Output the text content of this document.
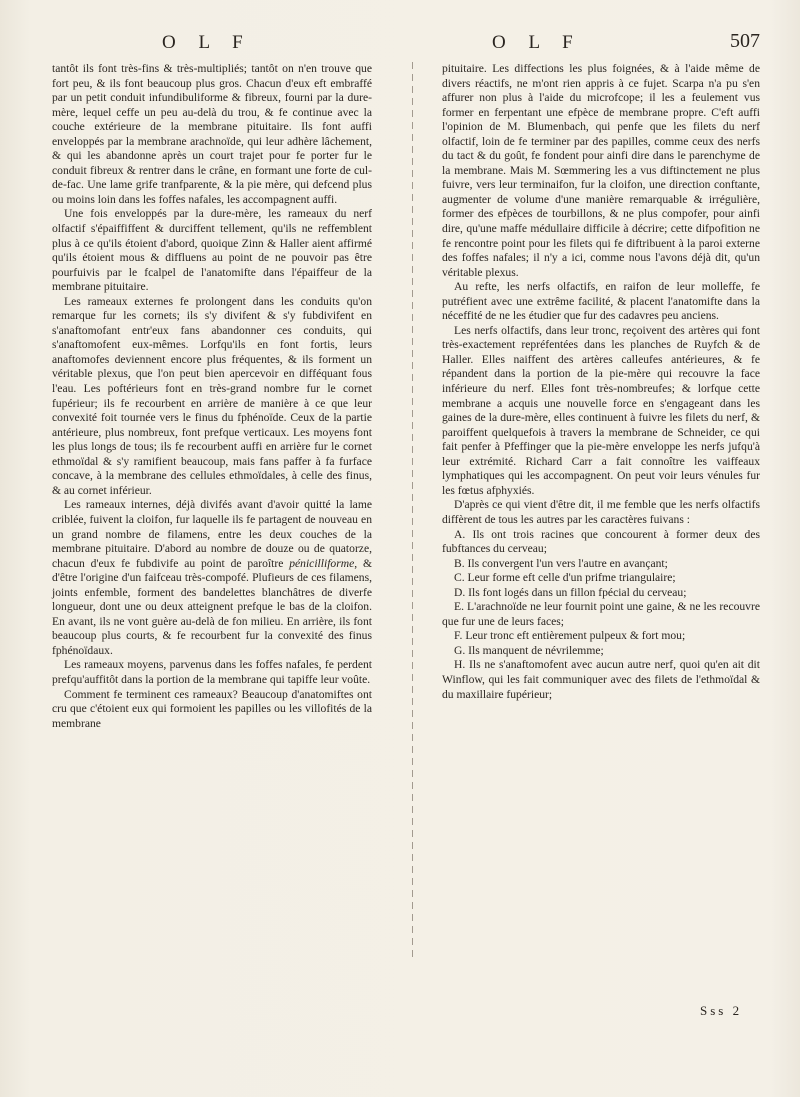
O L F	O L F	507

tantôt ils font très-fins & très-multipliés; tantôt on n'en trouve que fort peu, & ils font beaucoup plus gros. Chacun d'eux eft embraffé par un petit conduit infundibuliforme & fibreux, fourni par la dure-mère, lequel ceffe un peu au-delà du trou, & fe continue avec la couche extérieure de la membrane pituitaire. Ils font auffi enveloppés par la membrane arachnoïde, qui leur adhère lâchement, & qui les abandonne après un court trajet pour fe porter fur le conduit fibreux & rentrer dans le crâne, en formant une forte de cul-de-fac. Une lame grife tranfparente, & la pie mère, qui defcend plus ou moins loin dans les foffes nafales, les accompagnent auffi.

Une fois enveloppés par la dure-mère, les rameaux du nerf olfactif s'épaiffiffent & durciffent tellement, qu'ils ne reffemblent plus à ce qu'ils étoient d'abord, quoique Zinn & Haller aient affirmé qu'ils étoient mous & diffluens au point de ne pouvoir pas être pourfuivis par le fcalpel de l'anatomifte dans l'épaiffeur de la membrane pituitaire.

Les rameaux externes fe prolongent dans les conduits qu'on remarque fur les cornets; ils s'y divifent & s'y fubdivifent en s'anaftomofant entr'eux fans abandonner ces conduits, qui s'anaftomofent eux-mêmes. Lorfqu'ils en font fortis, leurs anaftomofes deviennent encore plus fréquentes, & ils forment un véritable plexus, que l'on peut bien apercevoir en difféquant fous l'eau. Les poftérieurs font en très-grand nombre fur le cornet fupérieur; ils fe recourbent en arrière de manière à ce que leur convexité foit tournée vers le finus du fphénoïde. Ceux de la partie antérieure, plus nombreux, font prefque verticaux. Les moyens font les plus longs de tous; ils fe recourbent auffi en arrière fur le cornet ethmoïdal & s'y ramifient beaucoup, mais fans paffer à fa furface concave, à la membrane des cellules ethmoïdales, à celle des finus, & au cornet inférieur.

Les rameaux internes, déjà divifés avant d'avoir quitté la lame criblée, fuivent la cloifon, fur laquelle ils fe partagent de nouveau en un grand nombre de filamens, entre les deux couches de la membrane pituitaire. D'abord au nombre de douze ou de quatorze, chacun d'eux fe fubdivife au point de paroître pénicilliforme, & d'être l'origine d'un faifceau très-compofé. Plufieurs de ces filamens, joints enfemble, forment des bandelettes blanchâtres de diverfe longueur, dont une ou deux atteignent prefque le bas de la cloifon. En avant, ils ne vont guère au-delà de fon milieu. En arrière, ils font beaucoup plus courts, & fe recourbent fur la convexité des finus fphénoïdaux.

Les rameaux moyens, parvenus dans les foffes nafales, fe perdent prefqu'auffitôt dans la portion de la membrane qui tapiffe leur voûte.

Comment fe terminent ces rameaux? Beaucoup d'anatomiftes ont cru que c'étoient eux qui formoient les papilles ou les villofités de la membrane

pituitaire. Les diffections les plus foignées, & à l'aide même de divers réactifs, ne m'ont rien appris à ce fujet. Scarpa n'a pu s'en affurer non plus à l'aide du microfcope; il les a feulement vus former en ferpentant une efpèce de membrane propre. C'eft auffi l'opinion de M. Blumenbach, qui penfe que les filets du nerf olfactif, loin de fe terminer par des papilles, comme ceux des nerfs du tact & du goût, fe fondent pour ainfi dire dans le parenchyme de la membrane. Mais M. Sœmmering les a vus diftinctement ne plus fuivre, vers leur terminaifon, fur la cloifon, une direction conftante, augmenter de volume d'une manière remarquable & irrégulière, former des efpèces de tourbillons, & ne plus compofer, pour ainfi dire, qu'une maffe médullaire difficile à décrire; cette difpofition ne fe rencontre point pour les filets qui fe diftribuent à la paroi externe des foffes nafales; il n'y a ici, comme nous l'avons déjà dit, qu'un véritable plexus.

Au refte, les nerfs olfactifs, en raifon de leur molleffe, fe putréfient avec une extrême facilité, & placent l'anatomifte dans la néceffité de ne les étudier que fur des cadavres peu anciens.

Les nerfs olfactifs, dans leur tronc, reçoivent des artères qui font très-exactement repréfentées dans les planches de Ruyfch & de Haller. Elles naiffent des artères calleufes antérieures, & fe répandent dans la portion de la pie-mère qui recouvre la face inférieure du nerf. Elles font très-nombreufes; & lorfque cette membrane a acquis une nouvelle force en s'engageant dans les gaines de la dure-mère, elles continuent à fuivre les filets du nerf, & paroiffent quelquefois à travers la membrane de Schneider, ce qui fait penfer à Pfeffinger que la pie-mère enveloppe les nerfs jufqu'à leur extrémité. Richard Carr a fait connoître les vaiffeaux lymphatiques qui les accompagnent. On peut voir leurs vénules fur les fœtus afphyxiés.

D'après ce qui vient d'être dit, il me femble que les nerfs olfactifs diffèrent de tous les autres par les caractères fuivans :

A. Ils ont trois racines que concourent à former deux des fubftances du cerveau;

B. Ils convergent l'un vers l'autre en avançant;

C. Leur forme eft celle d'un prifme triangulaire;

D. Ils font logés dans un fillon fpécial du cerveau;

E. L'arachnoïde ne leur fournit point une gaine, & ne les recouvre que fur une de leurs faces;

F. Leur tronc eft entièrement pulpeux & fort mou;

G. Ils manquent de névrilemme;

H. Ils ne s'anaftomofent avec aucun autre nerf, quoi qu'en ait dit Winflow, qui les fait communiquer avec des filets de l'ethmoïdal & du maxillaire fupérieur;

Sss 2
